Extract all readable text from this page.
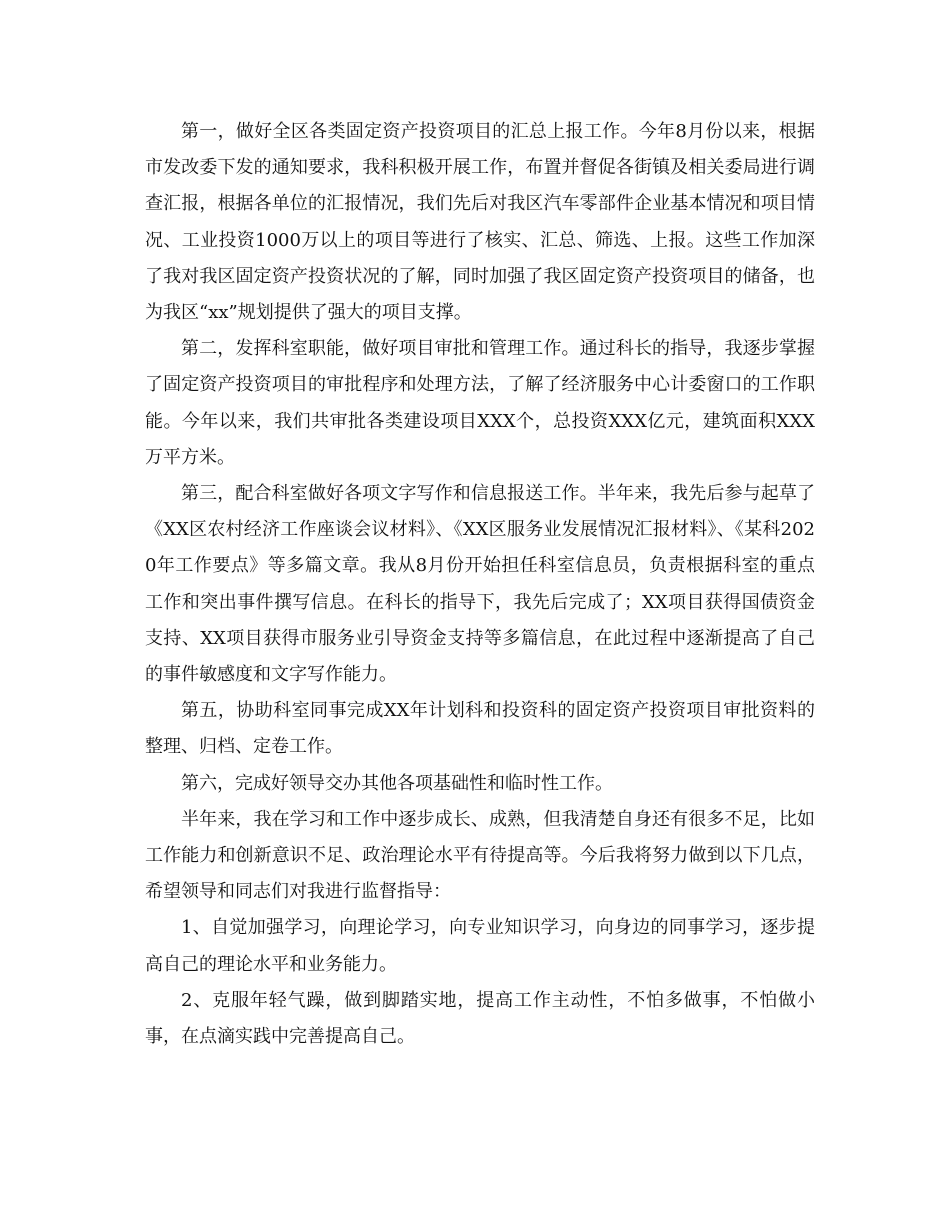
第一，做好全区各类固定资产投资项目的汇总上报工作。今年8月份以来，根据市发改委下发的通知要求，我科积极开展工作，布置并督促各街镇及相关委局进行调查汇报，根据各单位的汇报情况，我们先后对我区汽车零部件企业基本情况和项目情况、工业投资1000万以上的项目等进行了核实、汇总、筛选、上报。这些工作加深了我对我区固定资产投资状况的了解，同时加强了我区固定资产投资项目的储备，也为我区“xx”规划提供了强大的项目支撑。

第二，发挥科室职能，做好项目审批和管理工作。通过科长的指导，我逐步掌握了固定资产投资项目的审批程序和处理方法，了解了经济服务中心计委窗口的工作职能。今年以来，我们共审批各类建设项目XXX个，总投资XXX亿元，建筑面积XXX万平方米。

第三，配合科室做好各项文字写作和信息报送工作。半年来，我先后参与起草了《XX区农村经济工作座谈会议材料》、《XX区服务业发展情况汇报材料》、《某科2020年工作要点》等多篇文章。我从8月份开始担任科室信息员，负责根据科室的重点工作和突出事件撰写信息。在科长的指导下，我先后完成了；XX项目获得国债资金支持、XX项目获得市服务业引导资金支持等多篇信息，在此过程中逐渐提高了自己的事件敏感度和文字写作能力。

第五，协助科室同事完成XX年计划科和投资科的固定资产投资项目审批资料的整理、归档、定卷工作。

第六，完成好领导交办其他各项基础性和临时性工作。

半年来，我在学习和工作中逐步成长、成熟，但我清楚自身还有很多不足，比如工作能力和创新意识不足、政治理论水平有待提高等。今后我将努力做到以下几点，希望领导和同志们对我进行监督指导：

1、自觉加强学习，向理论学习，向专业知识学习，向身边的同事学习，逐步提高自己的理论水平和业务能力。

2、克服年轻气躁，做到脚踏实地，提高工作主动性，不怕多做事，不怕做小事，在点滴实践中完善提高自己。
